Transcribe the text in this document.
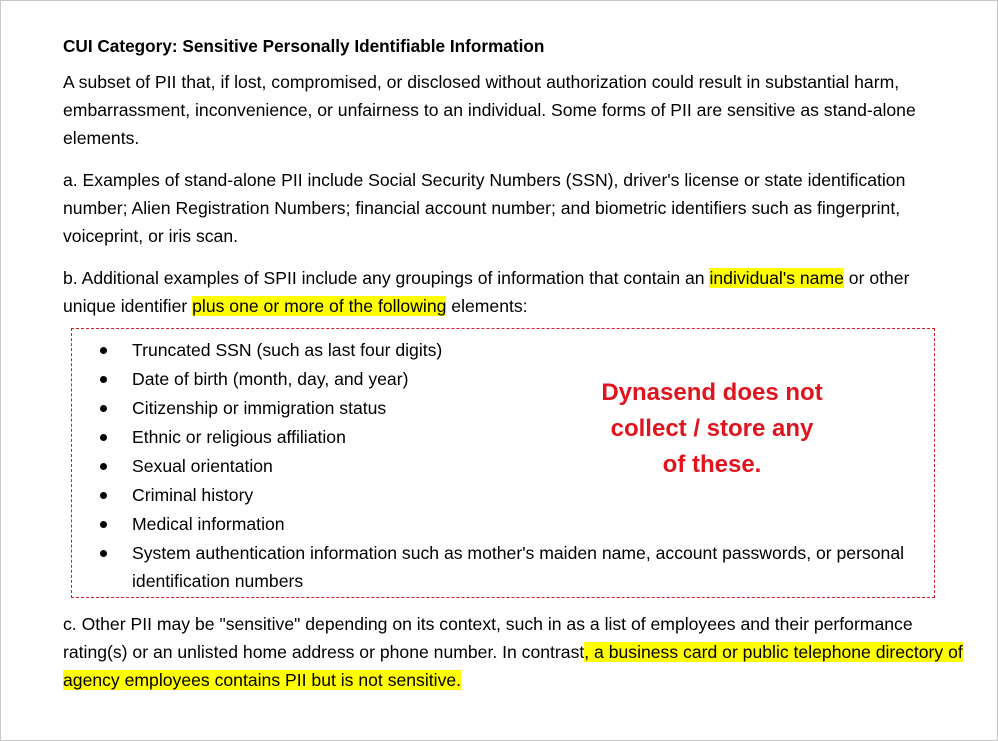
CUI Category: Sensitive Personally Identifiable Information

A subset of PII that, if lost, compromised, or disclosed without authorization could result in substantial harm, embarrassment, inconvenience, or unfairness to an individual. Some forms of PII are sensitive as stand-alone elements.

a. Examples of stand-alone PII include Social Security Numbers (SSN), driver's license or state identification number; Alien Registration Numbers; financial account number; and biometric identifiers such as fingerprint, voiceprint, or iris scan.

b. Additional examples of SPII include any groupings of information that contain an individual's name or other unique identifier plus one or more of the following elements:

Truncated SSN (such as last four digits)
Date of birth (month, day, and year)
Citizenship or immigration status
Ethnic or religious affiliation
Sexual orientation
Criminal history
Medical information
System authentication information such as mother's maiden name, account passwords, or personal identification numbers
Dynasend does not
collect / store any
of these.

c. Other PII may be "sensitive" depending on its context, such in as a list of employees and their performance rating(s) or an unlisted home address or phone number. In contrast, a business card or public telephone directory of agency employees contains PII but is not sensitive.
